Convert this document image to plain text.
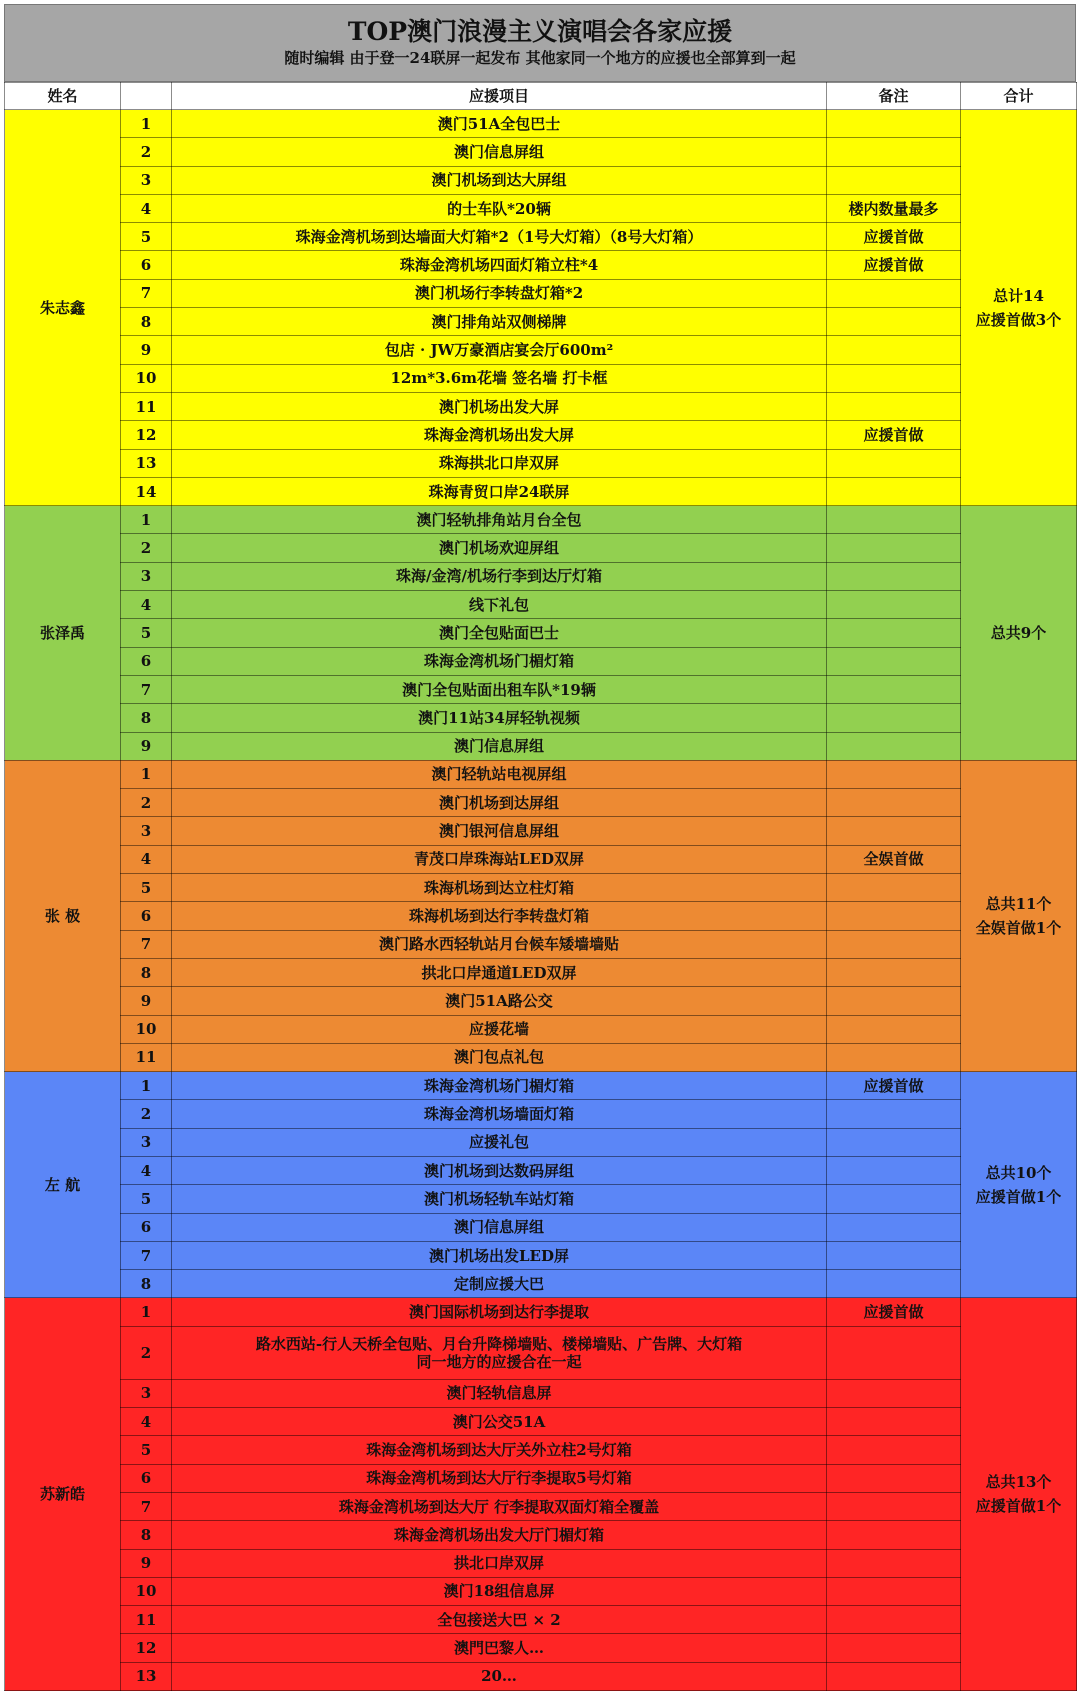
TOP澳门浪漫主义演唱会各家应援
随时编辑 由于登一24联屏一起发布 其他家同一个地方的应援也全部算到一起
姓名		应援项目	备注	合计
朱志鑫	1	澳门51A全包巴士		总计14
应援首做3个

	2	澳门信息屏组		

	3	澳门机场到达大屏组		

	4	的士车队*20辆	楼内数量最多	
	5	珠海金湾机场到达墙面大灯箱*2（1号大灯箱）（8号大灯箱）	应援首做	
	6	珠海金湾机场四面灯箱立柱*4	应援首做	
	7	澳门机场行李转盘灯箱*2		

	8	澳门排角站双侧梯牌		

	9	包店 · JW万豪酒店宴会厅600m²		

	10	12m*3.6m花墙 签名墙 打卡框		

	11	澳门机场出发大屏		

	12	珠海金湾机场出发大屏	应援首做	
	13	珠海拱北口岸双屏		

	14	珠海青贸口岸24联屏		

张泽禹	1	澳门轻轨排角站月台全包		总共9个

	2	澳门机场欢迎屏组		

	3	珠海/金湾/机场行李到达厅灯箱		

	4	线下礼包		

	5	澳门全包贴面巴士		

	6	珠海金湾机场门楣灯箱		

	7	澳门全包贴面出租车队*19辆		

	8	澳门11站34屏轻轨视频		

	9	澳门信息屏组		

张 极	1	澳门轻轨站电视屏组		总共11个
全娱首做1个

	2	澳门机场到达屏组		

	3	澳门银河信息屏组		

	4	青茂口岸珠海站LED双屏	全娱首做	
	5	珠海机场到达立柱灯箱		

	6	珠海机场到达行李转盘灯箱		

	7	澳门路水西轻轨站月台候车矮墙墙贴		

	8	拱北口岸通道LED双屏		

	9	澳门51A路公交		

	10	应援花墙		

	11	澳门包点礼包		

左 航	1	珠海金湾机场门楣灯箱	应援首做	总共10个
应援首做1个

	2	珠海金湾机场墙面灯箱		

	3	应援礼包		

	4	澳门机场到达数码屏组		

	5	澳门机场轻轨车站灯箱		

	6	澳门信息屏组		

	7	澳门机场出发LED屏		

	8	定制应援大巴		

苏新皓	1	澳门国际机场到达行李提取	应援首做	总共13个
应援首做1个

	2	路水西站-行人天桥全包贴、月台升降梯墙贴、楼梯墙贴、广告牌、大灯箱
同一地方的应援合在一起		

	3	澳门轻轨信息屏		

	4	澳门公交51A		

	5	珠海金湾机场到达大厅关外立柱2号灯箱		

	6	珠海金湾机场到达大厅行李提取5号灯箱		

	7	珠海金湾机场到达大厅 行李提取双面灯箱全覆盖		

	8	珠海金湾机场出发大厅门楣灯箱		

	9	拱北口岸双屏		

	10	澳门18组信息屏		

	11	全包接送大巴 × 2		

	12	澳門巴黎人…		

	13	20…		
